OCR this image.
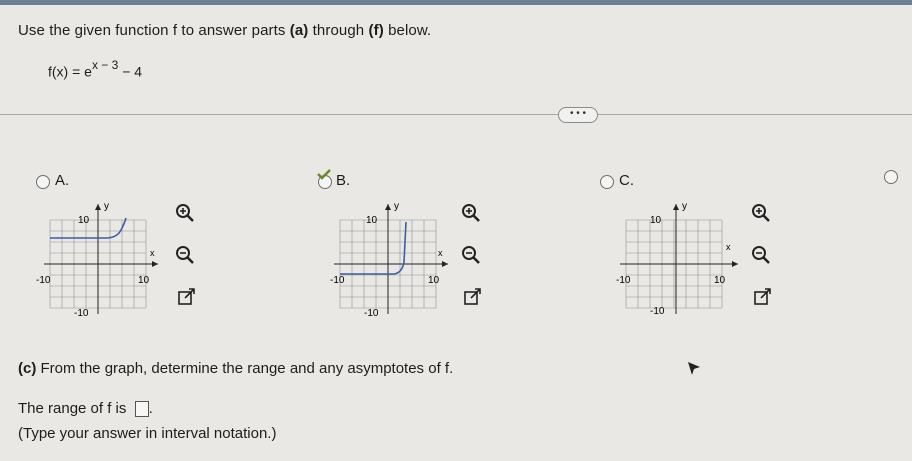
Use the given function f to answer parts (a) through (f) below.
$f(x) = e^{x - 3} - 4$
• • •
A.
10
y
x
-10	10
-10
B.
10
y
x
-10	10
-10
C.
10
y
x
-10	10
-10
(c) From the graph, determine the range and any asymptotes of f.
The range of f is .
(Type your answer in interval notation.)
